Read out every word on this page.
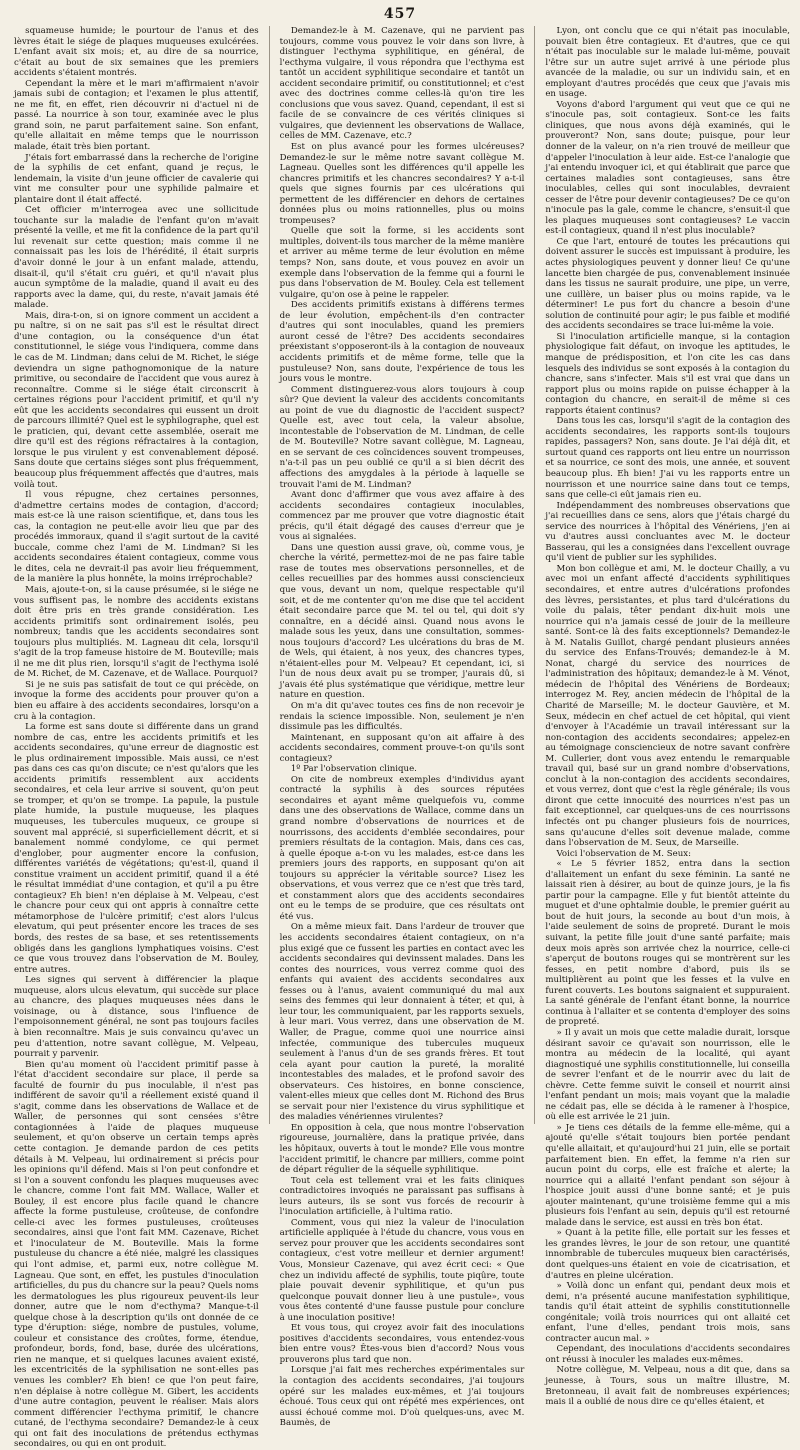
457

squameuse humide; le pourtour de l'anus et des lèvres était le siége de plaques muqueuses exulcérées. L'enfant avait six mois; et, au dire de sa nourrice, c'était au bout de six semaines que les premiers accidents s'étaient montrés.

Cependant la mère et le mari m'affirmaient n'avoir jamais subi de contagion; et l'examen le plus attentif, ne me fit, en effet, rien découvrir ni d'actuel ni de passé. La nourrice à son tour, examinée avec le plus grand soin, ne parut parfaitement saine. Son enfant, qu'elle allaitait en même temps que le nourrisson malade, était très bien portant.

J'étais fort embarrassé dans la recherche de l'origine de la syphilis de cet enfant, quand je reçus, le lendemain, la visite d'un jeune officier de cavalerie qui vint me consulter pour une syphilide palmaire et plantaire dont il était affecté.

Cet officier m'interrogea avec une sollicitude touchante sur la maladie de l'enfant qu'on m'avait présenté la veille, et me fit la confidence de la part qu'il lui revenait sur cette question; mais comme il ne connaissait pas les lois de l'hérédité, il était surpris d'avoir donné le jour à un enfant malade, attendu, disait-il, qu'il s'était cru guéri, et qu'il n'avait plus aucun symptôme de la maladie, quand il avait eu des rapports avec la dame, qui, du reste, n'avait jamais été malade.

Mais, dira-t-on, si on ignore comment un accident a pu naître, si on ne sait pas s'il est le résultat direct d'une contagion, ou la conséquence d'un état constitutionnel, le siége vous l'indiquera, comme dans le cas de M. Lindman; dans celui de M. Richet, le siége deviendra un signe pathognomonique de la nature primitive, ou secondaire de l'accident que vous aurez à reconnaître. Comme si le siége était circonscrit à certaines régions pour l'accident primitif, et qu'il n'y eût que les accidents secondaires qui eussent un droit de parcours illimité? Quel est le syphilographe, quel est le praticien, qui, devant cette assemblée, oserait me dire qu'il est des régions réfractaires à la contagion, lorsque le pus virulent y est convenablement déposé. Sans doute que certains siéges sont plus fréquemment, beaucoup plus fréquemment affectés que d'autres, mais voilà tout.

Il vous répugne, chez certaines personnes, d'admettre certains modes de contagion, d'accord; mais est-ce là une raison scientifique, et, dans tous les cas, la contagion ne peut-elle avoir lieu que par des procédés immoraux, quand il s'agit surtout de la cavité buccale, comme chez l'ami de M. Lindman? Si les accidents secondaires étaient contagieux, comme vous le dites, cela ne devrait-il pas avoir lieu fréquemment, de la manière la plus honnête, la moins irréprochable?

Mais, ajoute-t-on, si la cause présumée, si le siége ne vous suffisent pas, le nombre des accidents existans doit être pris en très grande considération. Les accidents primitifs sont ordinairement isolés, peu nombreux; tandis que les accidents secondaires sont toujours plus multipliés. M. Lagneau dit cela, lorsqu'il s'agit de la trop fameuse histoire de M. Bouteville; mais il ne me dit plus rien, lorsqu'il s'agit de l'ecthyma isolé de M. Richet, de M. Cazenave, et de Wallace. Pourquoi?

Si je ne suis pas satisfait de tout ce qui précède, on invoque la forme des accidents pour prouver qu'on a bien eu affaire à des accidents secondaires, lorsqu'on a cru à la contagion.

La forme est sans doute si différente dans un grand nombre de cas, entre les accidents primitifs et les accidents secondaires, qu'une erreur de diagnostic est le plus ordinairement impossible. Mais aussi, ce n'est pas dans ces cas qu'on discute; ce n'est qu'alors que les accidents primitifs ressemblent aux accidents secondaires, et cela leur arrive si souvent, qu'on peut se tromper, et qu'on se trompe. La papule, la pustule plate humide, la pustule muqueuse, les plaques muqueuses, les tubercules muqueux, ce groupe si souvent mal apprécié, si superficiellement décrit, et si banalement nommé condylome, ce qui permet d'englober, pour augmenter encore la confusion, différentes variétés de végétations; qu'est-il, quand il constitue vraiment un accident primitif, quand il a été le résultat immédiat d'une contagion, et qu'il a pu être contagieux? Eh bien! n'en déplaise à M. Velpeau, c'est le chancre pour ceux qui ont appris à connaître cette métamorphose de l'ulcère primitif; c'est alors l'ulcus elevatum, qui peut présenter encore les traces de ses bords, des restes de sa base, et ses retentissements obligés dans les ganglions lymphatiques voisins. C'est ce que vous trouvez dans l'observation de M. Bouley, entre autres.

Les signes qui servent à différencier la plaque muqueuse, alors ulcus elevatum, qui succède sur place au chancre, des plaques muqueuses nées dans le voisinage, ou à distance, sous l'influence de l'empoisonnement général, ne sont pas toujours faciles à bien reconnaître. Mais je suis convaincu qu'avec un peu d'attention, notre savant collègue, M. Velpeau, pourrait y parvenir.

Bien qu'au moment où l'accident primitif passe à l'état d'accident secondaire sur place, il perde sa faculté de fournir du pus inoculable, il n'est pas indifférent de savoir qu'il a réellement existé quand il s'agit, comme dans les observations de Wallace et de Waller, de personnes qui sont censées s'être contagionnées à l'aide de plaques muqueuse seulement, et qu'on observe un certain temps après cette contagion. Je demande pardon de ces petits détails à M. Velpeau, lui ordinairement si précis pour les opinions qu'il défend. Mais si l'on peut confondre et si l'on a souvent confondu les plaques muqueuses avec le chancre, comme l'ont fait MM. Wallace, Waller et Bouley, il est encore plus facile quand le chancre affecte la forme pustuleuse, croûteuse, de confondre celle-ci avec les formes pustuleuses, croûteuses secondaires, ainsi que l'ont fait MM. Cazenave, Richet et l'inoculateur de M. Bouteville. Mais la forme pustuleuse du chancre a été niée, malgré les classiques qui l'ont admise, et, parmi eux, notre collègue M. Lagneau. Que sont, en effet, les pustules d'inoculation artificielles, du pus du chancre sur la peau? Quels noms les dermatologues les plus rigoureux peuvent-ils leur donner, autre que le nom d'ecthyma? Manque-t-il quelque chose à la description qu'ils ont donnée de ce type d'éruption: siége, nombre de pustules, volume, couleur et consistance des croûtes, forme, étendue, profondeur, bords, fond, base, durée des ulcérations, rien ne manque, et si quelques lacunes avaient existé, les excentricités de la syphilisation ne sont-elles pas venues les combler? Eh bien! ce que l'on peut faire, n'en déplaise à notre collègue M. Gibert, les accidents d'une autre contagion, peuvent le réaliser. Mais alors comment différencier l'ecthyma primitif, le chancre cutané, de l'ecthyma secondaire? Demandez-le à ceux qui ont fait des inoculations de prétendus ecthymas secondaires, ou qui en ont produit.

Demandez-le à M. Cazenave, qui ne parvient pas toujours, comme vous pouvez le voir dans son livre, à distinguer l'ecthyma syphilitique, en général, de l'ecthyma vulgaire, il vous répondra que l'ecthyma est tantôt un accident syphilitique secondaire et tantôt un accident secondaire primitif, ou constitutionnel; et c'est avec des doctrines comme celles-là qu'on tire les conclusions que vous savez. Quand, cependant, il est si facile de se convaincre de ces vérités cliniques si vulgaires, que deviennent les observations de Wallace, celles de MM. Cazenave, etc.?

Est on plus avancé pour les formes ulcéreuses? Demandez-le sur le même notre savant collègue M. Lagneau. Quelles sont les différences qu'il appelle les chancres primitifs et les chancres secondaires? Y a-t-il quels que signes fournis par ces ulcérations qui permettent de les différencier en dehors de certaines données plus ou moins rationnelles, plus ou moins trompeuses?

Quelle que soit la forme, si les accidents sont multiples, doivent-ils tous marcher de la même manière et arriver au même terme de leur évolution en même temps? Non, sans doute, et vous pouvez en avoir un exemple dans l'observation de la femme qui a fourni le pus dans l'observation de M. Bouley. Cela est tellement vulgaire, qu'on ose à peine le rappeler.

Des accidents primitifs existans à différens termes de leur évolution, empêchent-ils d'en contracter d'autres qui sont inoculables, quand les premiers auront cessé de l'être? Des accidents secondaires préexistant s'opposeront-ils à la contagion de nouveaux accidents primitifs et de même forme, telle que la pustuleuse? Non, sans doute, l'expérience de tous les jours vous le montre.

Comment distinguerez-vous alors toujours à coup sûr? Que devient la valeur des accidents concomitants au point de vue du diagnostic de l'accident suspect? Quelle est, avec tout cela, la valeur absolue, incontestable de l'observation de M. Lindman, de celle de M. Bouteville? Notre savant collègue, M. Lagneau, en se servant de ces coïncidences souvent trompeuses, n'a-t-il pas un peu oublié ce qu'il a si bien décrit des affections des amygdales à la période à laquelle se trouvait l'ami de M. Lindman?

Avant donc d'affirmer que vous avez affaire à des accidents secondaires contagieux inoculables, commencez par me prouver que votre diagnostic était précis, qu'il était dégagé des causes d'erreur que je vous ai signalées.

Dans une question aussi grave, où, comme vous, je cherche la vérité, permettez-moi de ne pas faire table rase de toutes mes observations personnelles, et de celles recueillies par des hommes aussi consciencieux que vous, devant un nom, quelque respectable qu'il soit, et de me contenter qu'on me dise que tel accident était secondaire parce que M. tel ou tel, qui doit s'y connaître, en a décidé ainsi. Quand nous avons le malade sous les yeux, dans une consultation, sommes-nous toujours d'accord? Les ulcérations du bras de M. de Wels, qui étaient, à nos yeux, des chancres types, n'étaient-elles pour M. Velpeau? Et cependant, ici, si l'un de nous deux avait pu se tromper, j'aurais dû, si j'avais été plus systématique que véridique, mettre leur nature en question.

On m'a dit qu'avec toutes ces fins de non recevoir je rendais la science impossible. Non, seulement je n'en dissimule pas les difficultés.

Maintenant, en supposant qu'on ait affaire à des accidents secondaires, comment prouve-t-on qu'ils sont contagieux?

1º Par l'observation clinique.

On cite de nombreux exemples d'individus ayant contracté la syphilis à des sources réputées secondaires et ayant même quelquefois vu, comme dans une des observations de Wallace, comme dans un grand nombre d'observations de nourrices et de nourrissons, des accidents d'emblée secondaires, pour premiers résultats de la contagion. Mais, dans ces cas, à quelle époque a-t-on vu les malades, est-ce dans les premiers jours des rapports, en supposant qu'on ait toujours su apprécier la véritable source? Lisez les observations, et vous verrez que ce n'est que très tard, et constamment alors que des accidents secondaires ont eu le temps de se produire, que ces résultats ont été vus.

On a même mieux fait. Dans l'ardeur de trouver que les accidents secondaires étaient contagieux, on n'a plus exigé que ce fussent les parties en contact avec les accidents secondaires qui devinssent malades. Dans les contes des nourrices, vous verrez comme quoi des enfants qui avaient des accidents secondaires aux fesses ou à l'anus, avaient communiqué du mal aux seins des femmes qui leur donnaient à téter, et qui, à leur tour, les communiquaient, par les rapports sexuels, à leur mari. Vous verrez, dans une observation de M. Waller, de Prague, comme quoi une nourrice ainsi infectée, communique des tubercules muqueux seulement à l'anus d'un de ses grands frères. Et tout cela ayant pour caution la pureté, la moralité incontestables des malades, et le profond savoir des observateurs. Ces histoires, en bonne conscience, valent-elles mieux que celles dont M. Richond des Brus se servait pour nier l'existence du virus syphilitique et des maladies vénériennes virulentes?

En opposition à cela, que nous montre l'observation rigoureuse, journalière, dans la pratique privée, dans les hôpitaux, ouverts à tout le monde? Elle vous montre l'accident primitif, le chancre par milliers, comme point de départ régulier de la séquelle syphilitique.

Tout cela est tellement vrai et les faits cliniques contradictoires invoqués ne paraissant pas suffisans à leurs auteurs, ils se sont vus forcés de recourir à l'inoculation artificielle, à l'ultima ratio.

Comment, vous qui niez la valeur de l'inoculation artificielle appliquée à l'étude du chancre, vous vous en servez pour prouver que les accidents secondaires sont contagieux, c'est votre meilleur et dernier argument! Vous, Monsieur Cazenave, qui avez écrit ceci: « Que chez un individu affecté de syphilis, toute piqûre, toute plaie pouvait devenir syphilitique, et qu'un pus quelconque pouvait donner lieu à une pustule», vous vous êtes contenté d'une fausse pustule pour conclure à une inoculation positive!

Et vous tous, qui croyez avoir fait des inoculations positives d'accidents secondaires, vous entendez-vous bien entre vous? Êtes-vous bien d'accord? Nous vous prouverons plus tard que non.

Lorsque j'ai fait mes recherches expérimentales sur la contagion des accidents secondaires, j'ai toujours opéré sur les malades eux-mêmes, et j'ai toujours échoué. Tous ceux qui ont répété mes expériences, ont aussi échoué comme moi. D'où quelques-uns, avec M. Baumès, de

Lyon, ont conclu que ce qui n'était pas inoculable, pouvait bien être contagieux. Et d'autres, que ce qui n'était pas inoculable sur le malade lui-même, pouvait l'être sur un autre sujet arrivé à une période plus avancée de la maladie, ou sur un individu sain, et en employant d'autres procédés que ceux que j'avais mis en usage.

Voyons d'abord l'argument qui veut que ce qui ne s'inocule pas, soit contagieux. Sont-ce les faits cliniques, que nous avons déjà examinés, qui le prouveront? Non, sans doute; puisque, pour leur donner de la valeur, on n'a rien trouvé de meilleur que d'appeler l'inoculation à leur aide. Est-ce l'analogie que j'ai entendu invoquer ici, et qui établirait que parce que certaines maladies sont contagieuses, sans être inoculables, celles qui sont inoculables, devraient cesser de l'être pour devenir contagieuses? De ce qu'on n'inocule pas la gale, comme le chancre, s'ensuit-il que les plaques muqueuses sont contagieuses? Le vaccin est-il contagieux, quand il n'est plus inoculable?

Ce que l'art, entouré de toutes les précautions qui doivent assurer le succès est impuissant à produire, les actes physiologiques peuvent y donner lieu! Ce qu'une lancette bien chargée de pus, convenablement insinuée dans les tissus ne saurait produire, une pipe, un verre, une cuillère, un baiser plus ou moins rapide, va le déterminer! Le pus fort du chancre a besoin d'une solution de continuité pour agir; le pus faible et modifié des accidents secondaires se trace lui-même la voie.

Si l'inoculation artificielle manque, si la contagion physiologique fait défaut, on invoque les aptitudes, le manque de prédisposition, et l'on cite les cas dans lesquels des individus se sont exposés à la contagion du chancre, sans s'infecter. Mais s'il est vrai que dans un rapport plus ou moins rapide on puisse échapper à la contagion du chancre, en serait-il de même si ces rapports étaient continus?

Dans tous les cas, lorsqu'il s'agit de la contagion des accidents secondaires, les rapports sont-ils toujours rapides, passagers? Non, sans doute. Je l'ai déjà dit, et surtout quand ces rapports ont lieu entre un nourrisson et sa nourrice, ce sont des mois, une année, et souvent beaucoup plus. Eh bien! J'ai vu les rapports entre un nourrisson et une nourrice saine dans tout ce temps, sans que celle-ci eût jamais rien eu.

Indépendamment des nombreuses observations que j'ai recueillies dans ce sens, alors que j'étais chargé du service des nourrices à l'hôpital des Vénériens, j'en ai vu d'autres aussi concluantes avec M. le docteur Basserau, qui les a consignées dans l'excellent ouvrage qu'il vient de publier sur les syphilides.

Mon bon collègue et ami, M. le docteur Chailly, a vu avec moi un enfant affecté d'accidents syphilitiques secondaires, et entre autres d'ulcérations profondes des lèvres, persistantes, et plus tard d'ulcérations du voile du palais, têter pendant dix-huit mois une nourrice qui n'a jamais cessé de jouir de la meilleure santé. Sont-ce là des faits exceptionnels? Demandez-le à M. Natalis Guillot, chargé pendant plusieurs années du service des Enfans-Trouvés; demandez-le à M. Nonat, chargé du service des nourrices de l'administration des hôpitaux; demandez-le à M. Vénot, médecin de l'hôpital des Vénériens de Bordeaux; interrogez M. Rey, ancien médecin de l'hôpital de la Charité de Marseille; M. le docteur Gauvière, et M. Seux, médecin en chef actuel de cet hôpital, qui vient d'envoyer à l'Académie un travail intéressant sur la non-contagion des accidents secondaires; appelez-en au témoignage consciencieux de notre savant confrère M. Cullerier, dont vous avez entendu le remarquable travail qui, basé sur un grand nombre d'observations, conclut à la non-contagion des accidents secondaires, et vous verrez, dont que c'est la règle générale; ils vous diront que cette innocuité des nourrices n'est pas un fait exceptionnel, car quelques-uns de ces nourrissons infectés ont pu changer plusieurs fois de nourrices, sans qu'aucune d'elles soit devenue malade, comme dans l'observation de M. Seux, de Marseille.

Voici l'observation de M. Seux:

« Le 5 février 1852, entra dans la section d'allaitement un enfant du sexe féminin. La santé ne laissait rien à désirer, au bout de quinze jours, je la fis partir pour la campagne. Elle y fut bientôt atteinte du muguet et d'une ophtalmie double, le premier guérit au bout de huit jours, la seconde au bout d'un mois, à l'aide seulement de soins de propreté. Durant le mois suivant, la petite fille jouit d'une santé parfaite; mais deux mois après son arrivée chez la nourrice, celle-ci s'aperçut de boutons rouges qui se montrèrent sur les fesses, en petit nombre d'abord, puis ils se multiplièrent au point que les fesses et la vulve en furent couverts. Les boutons saignaient et suppuraient. La santé générale de l'enfant étant bonne, la nourrice continua à l'allaiter et se contenta d'employer des soins de propreté.

» Il y avait un mois que cette maladie durait, lorsque désirant savoir ce qu'avait son nourrisson, elle le montra au médecin de la localité, qui ayant diagnostiqué une syphilis constitutionnelle, lui conseilla de sevrer l'enfant et de le nourrir avec du lait de chèvre. Cette femme suivit le conseil et nourrit ainsi l'enfant pendant un mois; mais voyant que la maladie ne cédait pas, elle se décida à le ramener à l'hospice, où elle est arrivée le 21 juin.

» Je tiens ces détails de la femme elle-même, qui a ajouté qu'elle s'était toujours bien portée pendant qu'elle allaitait, et qu'aujourd'hui 21 juin, elle se portait parfaitement bien. En effet, la femme n'a rien sur aucun point du corps, elle est fraîche et alerte; la nourrice qui a allaité l'enfant pendant son séjour à l'hospice jouit aussi d'une bonne santé; et je puis ajouter maintenant, qu'une troisième femme qui a mis plusieurs fois l'enfant au sein, depuis qu'il est retourné malade dans le service, est aussi en très bon état.

» Quant à la petite fille, elle portait sur les fesses et les grandes lèvres, le jour de son retour, une quantité innombrable de tubercules muqueux bien caractérisés, dont quelques-uns étaient en voie de cicatrisation, et d'autres en pleine ulcération.

» Voilà donc un enfant qui, pendant deux mois et demi, n'a présenté aucune manifestation syphilitique, tandis qu'il était atteint de syphilis constitutionnelle congénitale; voilà trois nourrices qui ont allaité cet enfant, l'une d'elles, pendant trois mois, sans contracter aucun mal. »

Cependant, des inoculations d'accidents secondaires ont réussi à inoculer les malades eux-mêmes.

Notre collègue, M. Velpeau, nous a dit que, dans sa jeunesse, à Tours, sous un maître illustre, M. Bretonneau, il avait fait de nombreuses expériences; mais il a oublié de nous dire ce qu'elles étaient, et
